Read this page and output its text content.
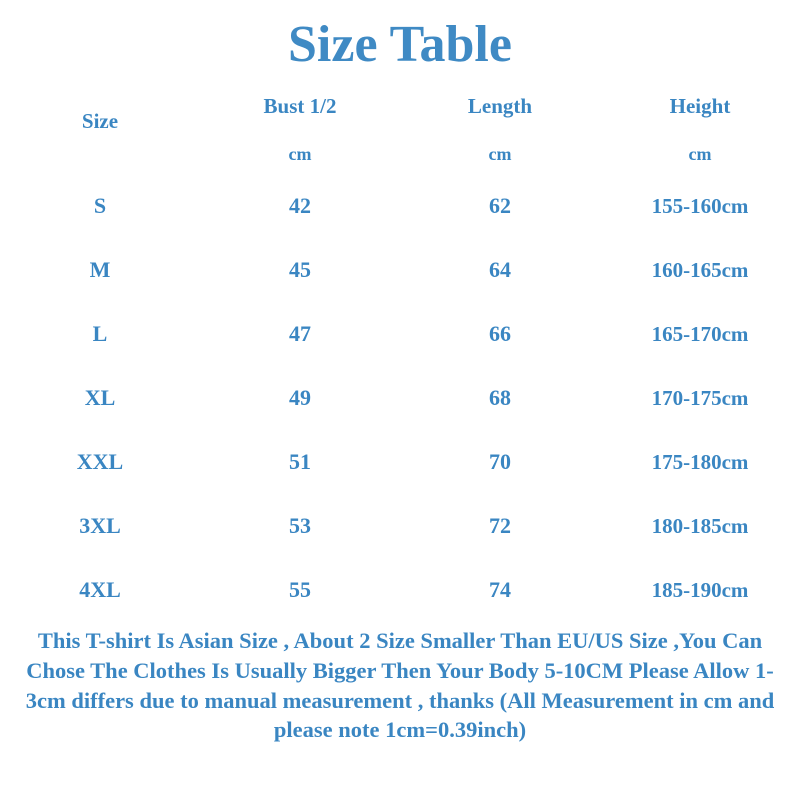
Size Table
Size	Bust 1/2	Length	Height

	cm	cm	cm
S	42	62	155-160cm
M	45	64	160-165cm
L	47	66	165-170cm
XL	49	68	170-175cm
XXL	51	70	175-180cm
3XL	53	72	180-185cm
4XL	55	74	185-190cm

This T-shirt Is Asian Size , About 2 Size Smaller Than EU/US Size ,You Can Chose The Clothes Is Usually Bigger Then Your Body 5-10CM Please Allow 1-3cm differs due to manual measurement , thanks (All Measurement in cm and please note 1cm=0.39inch)
